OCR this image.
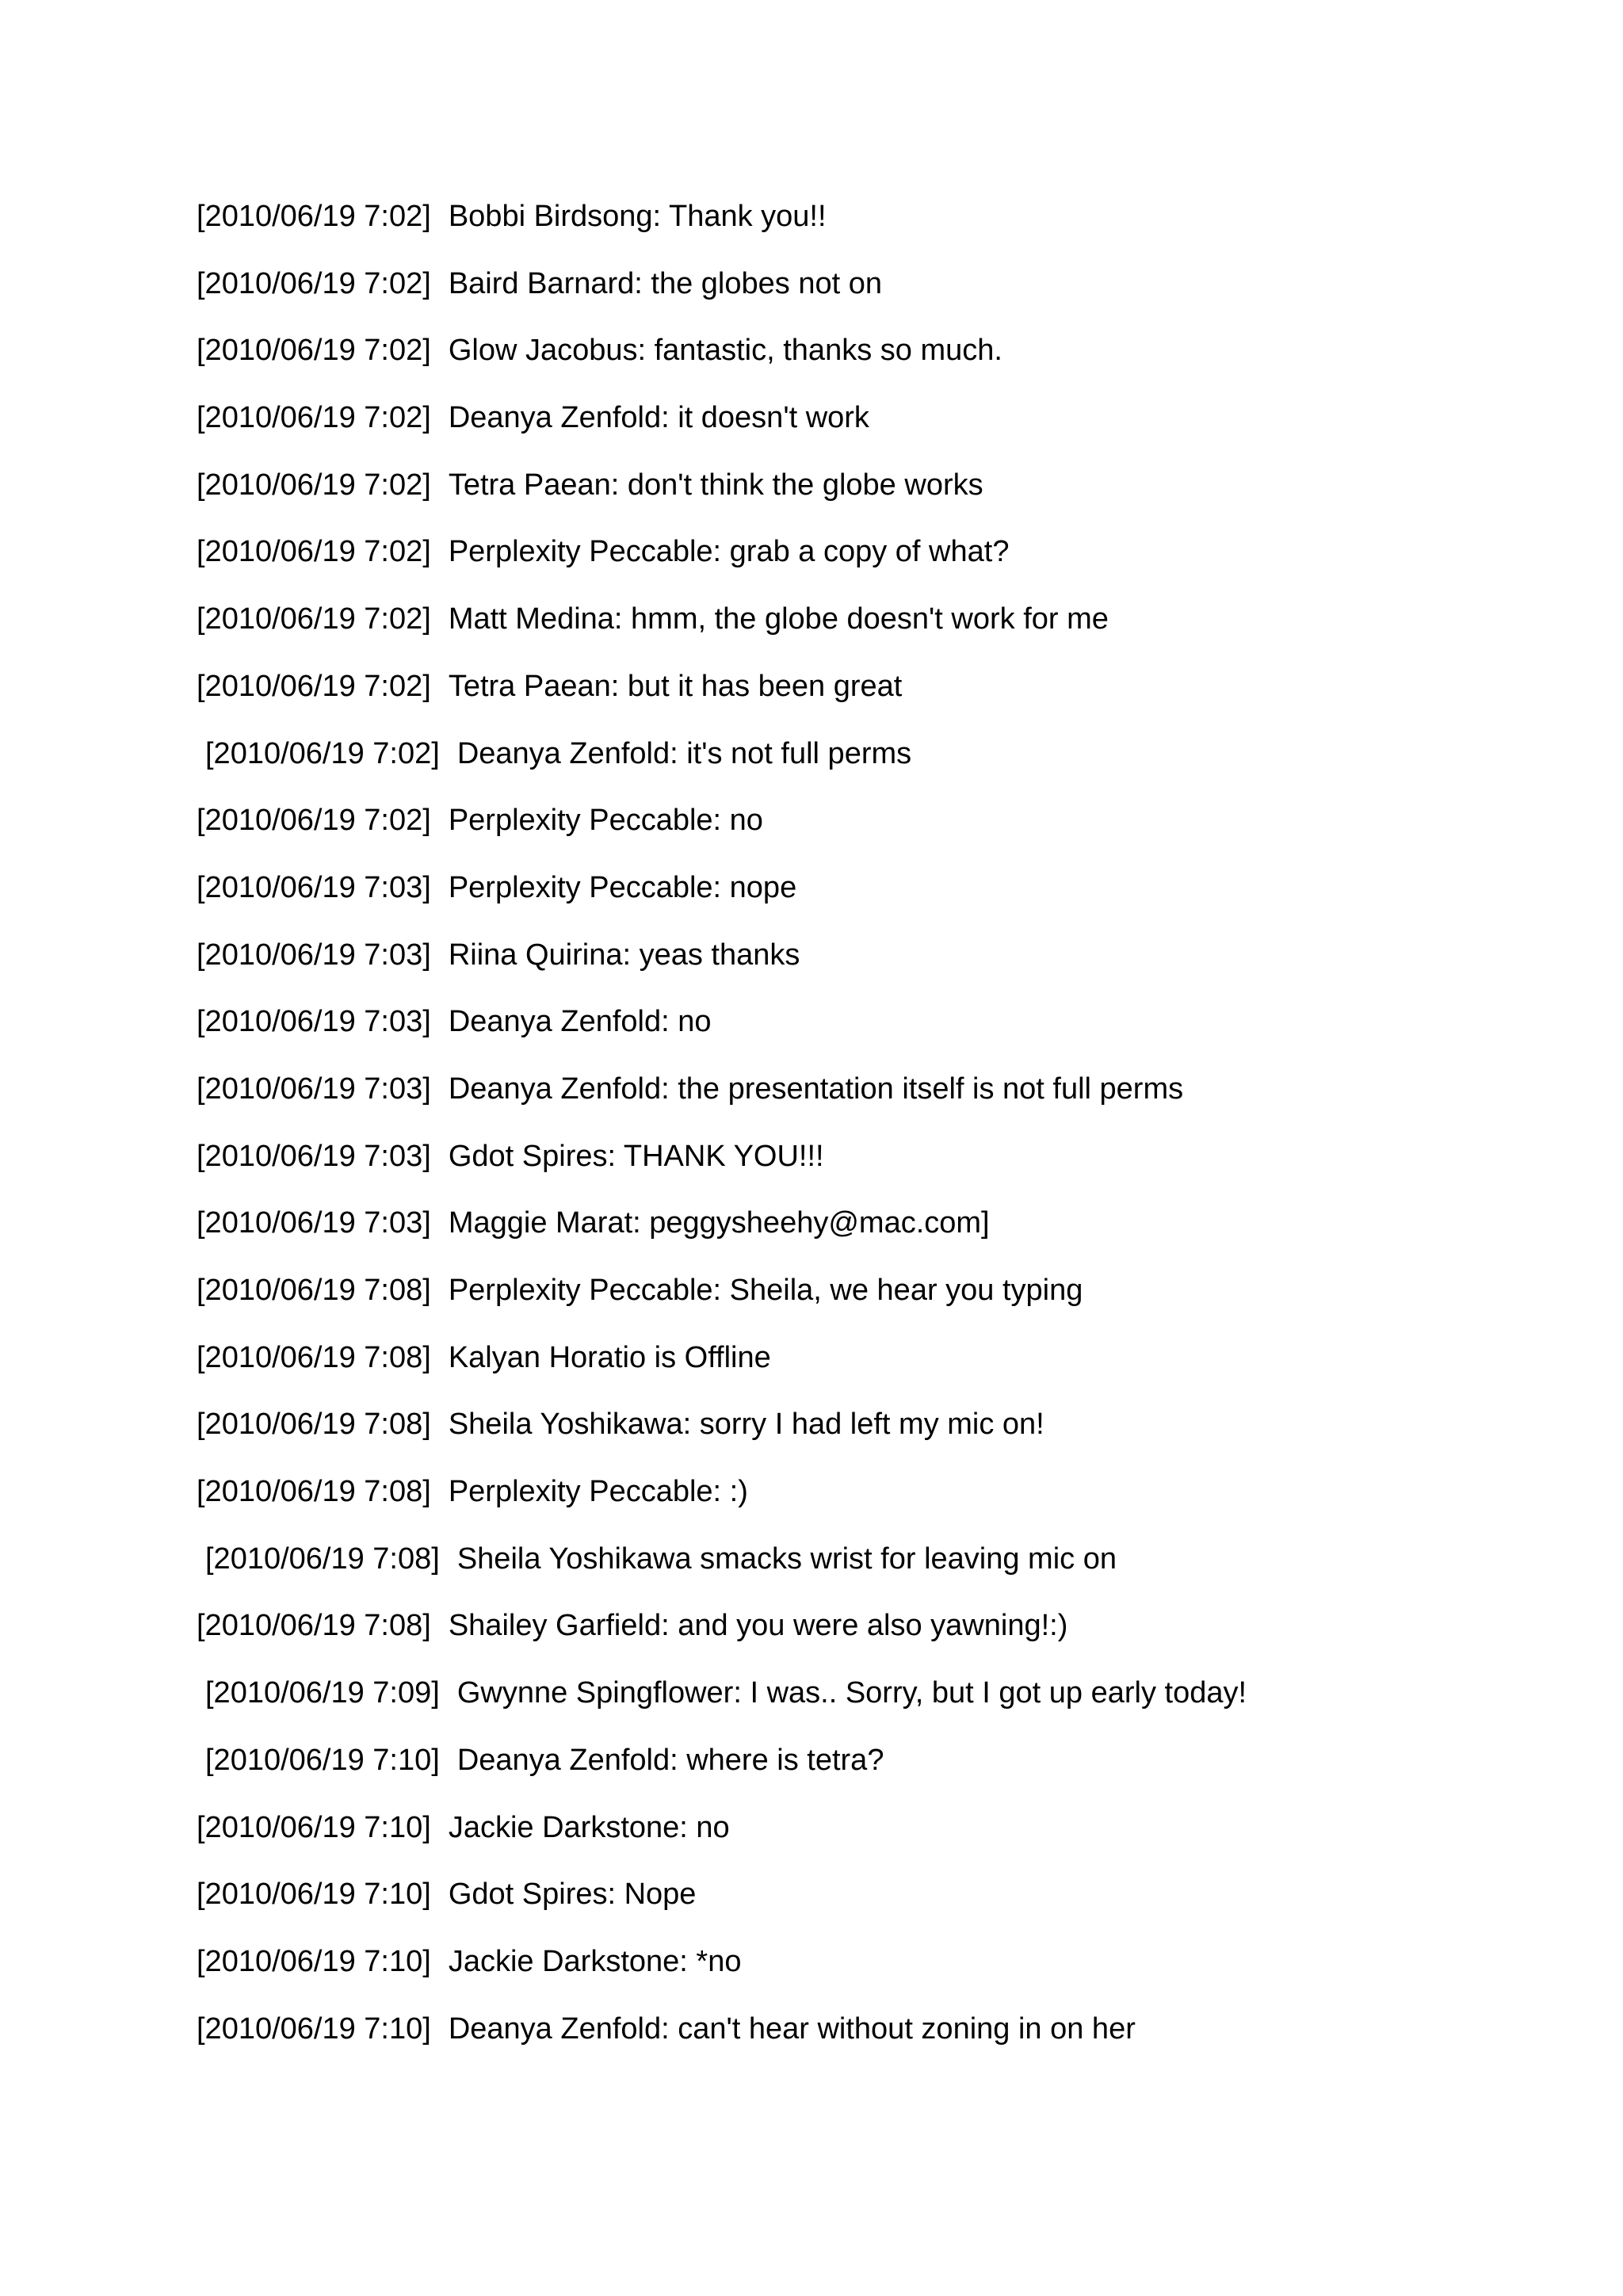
[2010/06/19 7:02] Bobbi Birdsong: Thank you!!
[2010/06/19 7:02] Baird Barnard: the globes not on
[2010/06/19 7:02] Glow Jacobus: fantastic, thanks so much.
[2010/06/19 7:02] Deanya Zenfold: it doesn't work
[2010/06/19 7:02] Tetra Paean: don't think the globe works
[2010/06/19 7:02] Perplexity Peccable: grab a copy of what?
[2010/06/19 7:02] Matt Medina: hmm, the globe doesn't work for me
[2010/06/19 7:02] Tetra Paean: but it has been great
[2010/06/19 7:02] Deanya Zenfold: it's not full perms
[2010/06/19 7:02] Perplexity Peccable: no
[2010/06/19 7:03] Perplexity Peccable: nope
[2010/06/19 7:03] Riina Quirina: yeas thanks
[2010/06/19 7:03] Deanya Zenfold: no
[2010/06/19 7:03] Deanya Zenfold: the presentation itself is not full perms
[2010/06/19 7:03] Gdot Spires: THANK YOU!!!
[2010/06/19 7:03] Maggie Marat: peggysheehy@mac.com]
[2010/06/19 7:08] Perplexity Peccable: Sheila, we hear you typing
[2010/06/19 7:08] Kalyan Horatio is Offline
[2010/06/19 7:08] Sheila Yoshikawa: sorry I had left my mic on!
[2010/06/19 7:08] Perplexity Peccable: :)
[2010/06/19 7:08] Sheila Yoshikawa smacks wrist for leaving mic on
[2010/06/19 7:08] Shailey Garfield: and you were also yawning!:)
[2010/06/19 7:09] Gwynne Spingflower: I was.. Sorry, but I got up early today!
[2010/06/19 7:10] Deanya Zenfold: where is tetra?
[2010/06/19 7:10] Jackie Darkstone: no
[2010/06/19 7:10] Gdot Spires: Nope
[2010/06/19 7:10] Jackie Darkstone: *no
[2010/06/19 7:10] Deanya Zenfold: can't hear without zoning in on her
